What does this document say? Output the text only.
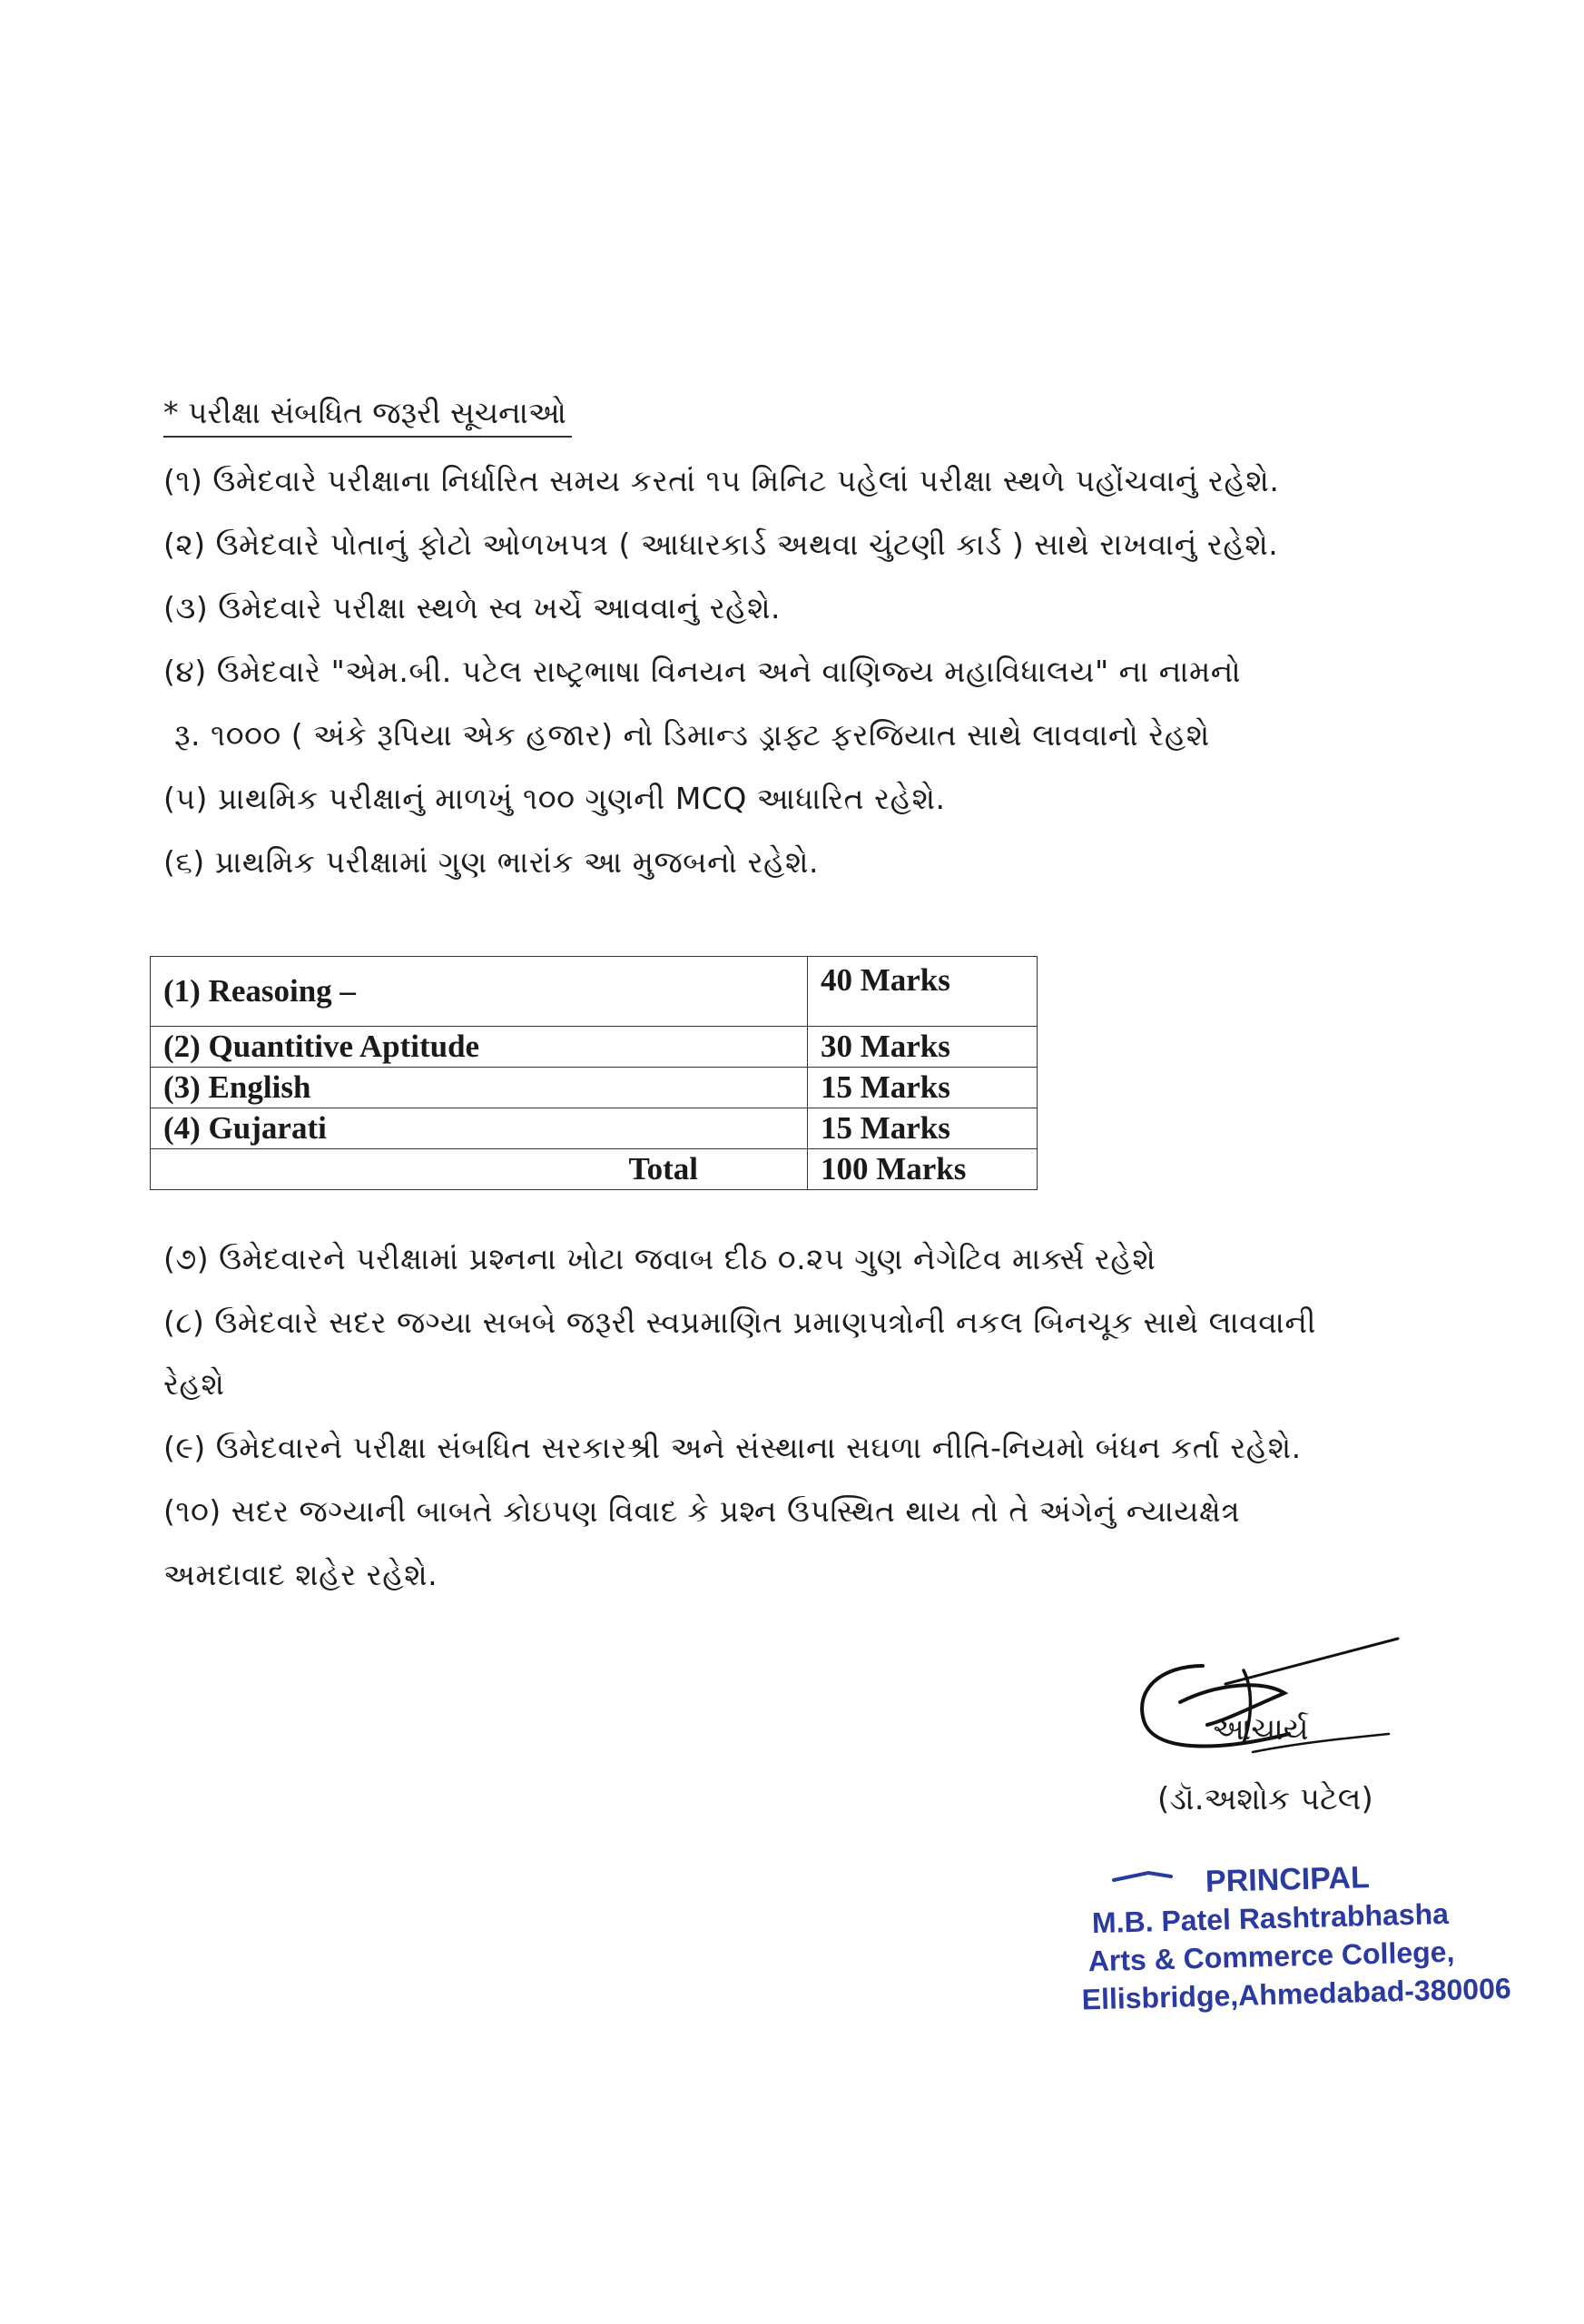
* પરીક્ષા સંબધિત જરૂરી સૂચનાઓ
(૧) ઉમેદવારે પરીક્ષાના નિર્ધારિત સમય કરતાં ૧૫ મિનિટ પહેલાં પરીક્ષા સ્થળે પહોંચવાનું રહેશે.
(૨) ઉમેદવારે પોતાનું ફોટો ઓળખપત્ર ( આધારકાર્ડ અથવા ચુંટણી કાર્ડ ) સાથે રાખવાનું રહેશે.
(૩) ઉમેદવારે પરીક્ષા સ્થળે સ્વ ખર્ચે આવવાનું રહેશે.
(૪) ઉમેદવારે "એમ.બી. પટેલ રાષ્ટ્રભાષા વિનયન અને વાણિજ્ય મહાવિધાલય" ના નામનો
રૂ. ૧૦૦૦ ( અંકે રૂપિયા એક હજાર) નો ડિમાન્ડ ડ્રાફ્ટ ફરજિયાત સાથે લાવવાનો રેહશે
(૫) પ્રાથમિક પરીક્ષાનું માળખું ૧૦૦ ગુણની MCQ આધારિત રહેશે.
(૬) પ્રાથમિક પરીક્ષામાં ગુણ ભારાંક આ મુજબનો રહેશે.
(1) Reasoing –	40 Marks
(2) Quantitive Aptitude	30 Marks
(3) English	15 Marks
(4) Gujarati	15 Marks
Total	100 Marks
(૭) ઉમેદવારને પરીક્ષામાં પ્રશ્નના ખોટા જવાબ દીઠ ૦.૨૫ ગુણ નેગેટિવ માર્ક્સ રહેશે
(૮) ઉમેદવારે સદર જગ્યા સબબે જરૂરી સ્વપ્રમાણિત પ્રમાણપત્રોની નકલ બિનચૂક સાથે લાવવાની
રેહશે
(૯) ઉમેદવારને પરીક્ષા સંબધિત સરકારશ્રી અને સંસ્થાના સઘળા નીતિ-નિયમો બંધન કર્તા રહેશે.
(૧૦) સદર જગ્યાની બાબતે કોઇપણ વિવાદ કે પ્રશ્ન ઉપસ્થિત થાય તો તે અંગેનું ન્યાયક્ષેત્ર
અમદાવાદ શહેર રહેશે.
આચાર્ય
(ડૉ.અશોક પટેલ)
PRINCIPAL
M.B. Patel Rashtrabhasha
Arts & Commerce College,
Ellisbridge,Ahmedabad-380006
